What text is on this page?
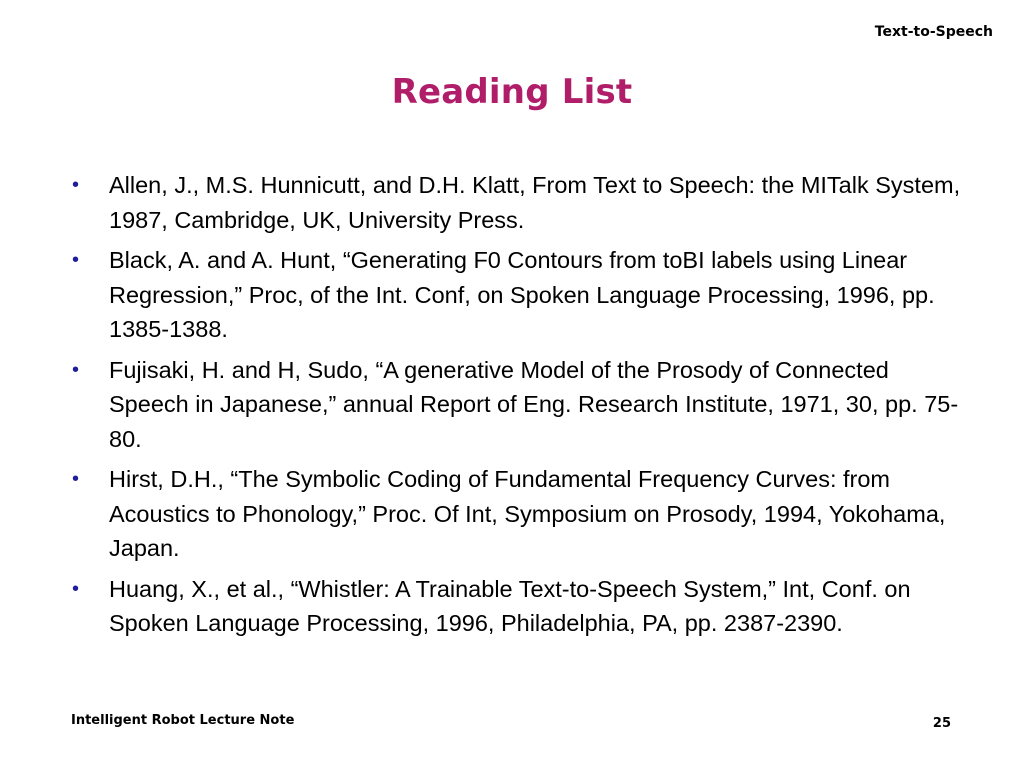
Text-to-Speech
Reading List
• Allen, J., M.S. Hunnicutt, and D.H. Klatt, From Text to Speech: the MITalk System, 1987, Cambridge, UK, University Press.
• Black, A. and A. Hunt, “Generating F0 Contours from toBI labels using Linear Regression,” Proc, of the Int. Conf, on Spoken Language Processing, 1996, pp. 1385-1388.
• Fujisaki, H. and H, Sudo, “A generative Model of the Prosody of Connected Speech in Japanese,” annual Report of Eng. Research Institute, 1971, 30, pp. 75-80.
• Hirst, D.H., “The Symbolic Coding of Fundamental Frequency Curves: from Acoustics to Phonology,” Proc. Of Int, Symposium on Prosody, 1994, Yokohama, Japan.
• Huang, X., et al., “Whistler: A Trainable Text-to-Speech System,” Int, Conf. on Spoken Language Processing, 1996, Philadelphia, PA, pp. 2387-2390.
Intelligent Robot Lecture Note	25
